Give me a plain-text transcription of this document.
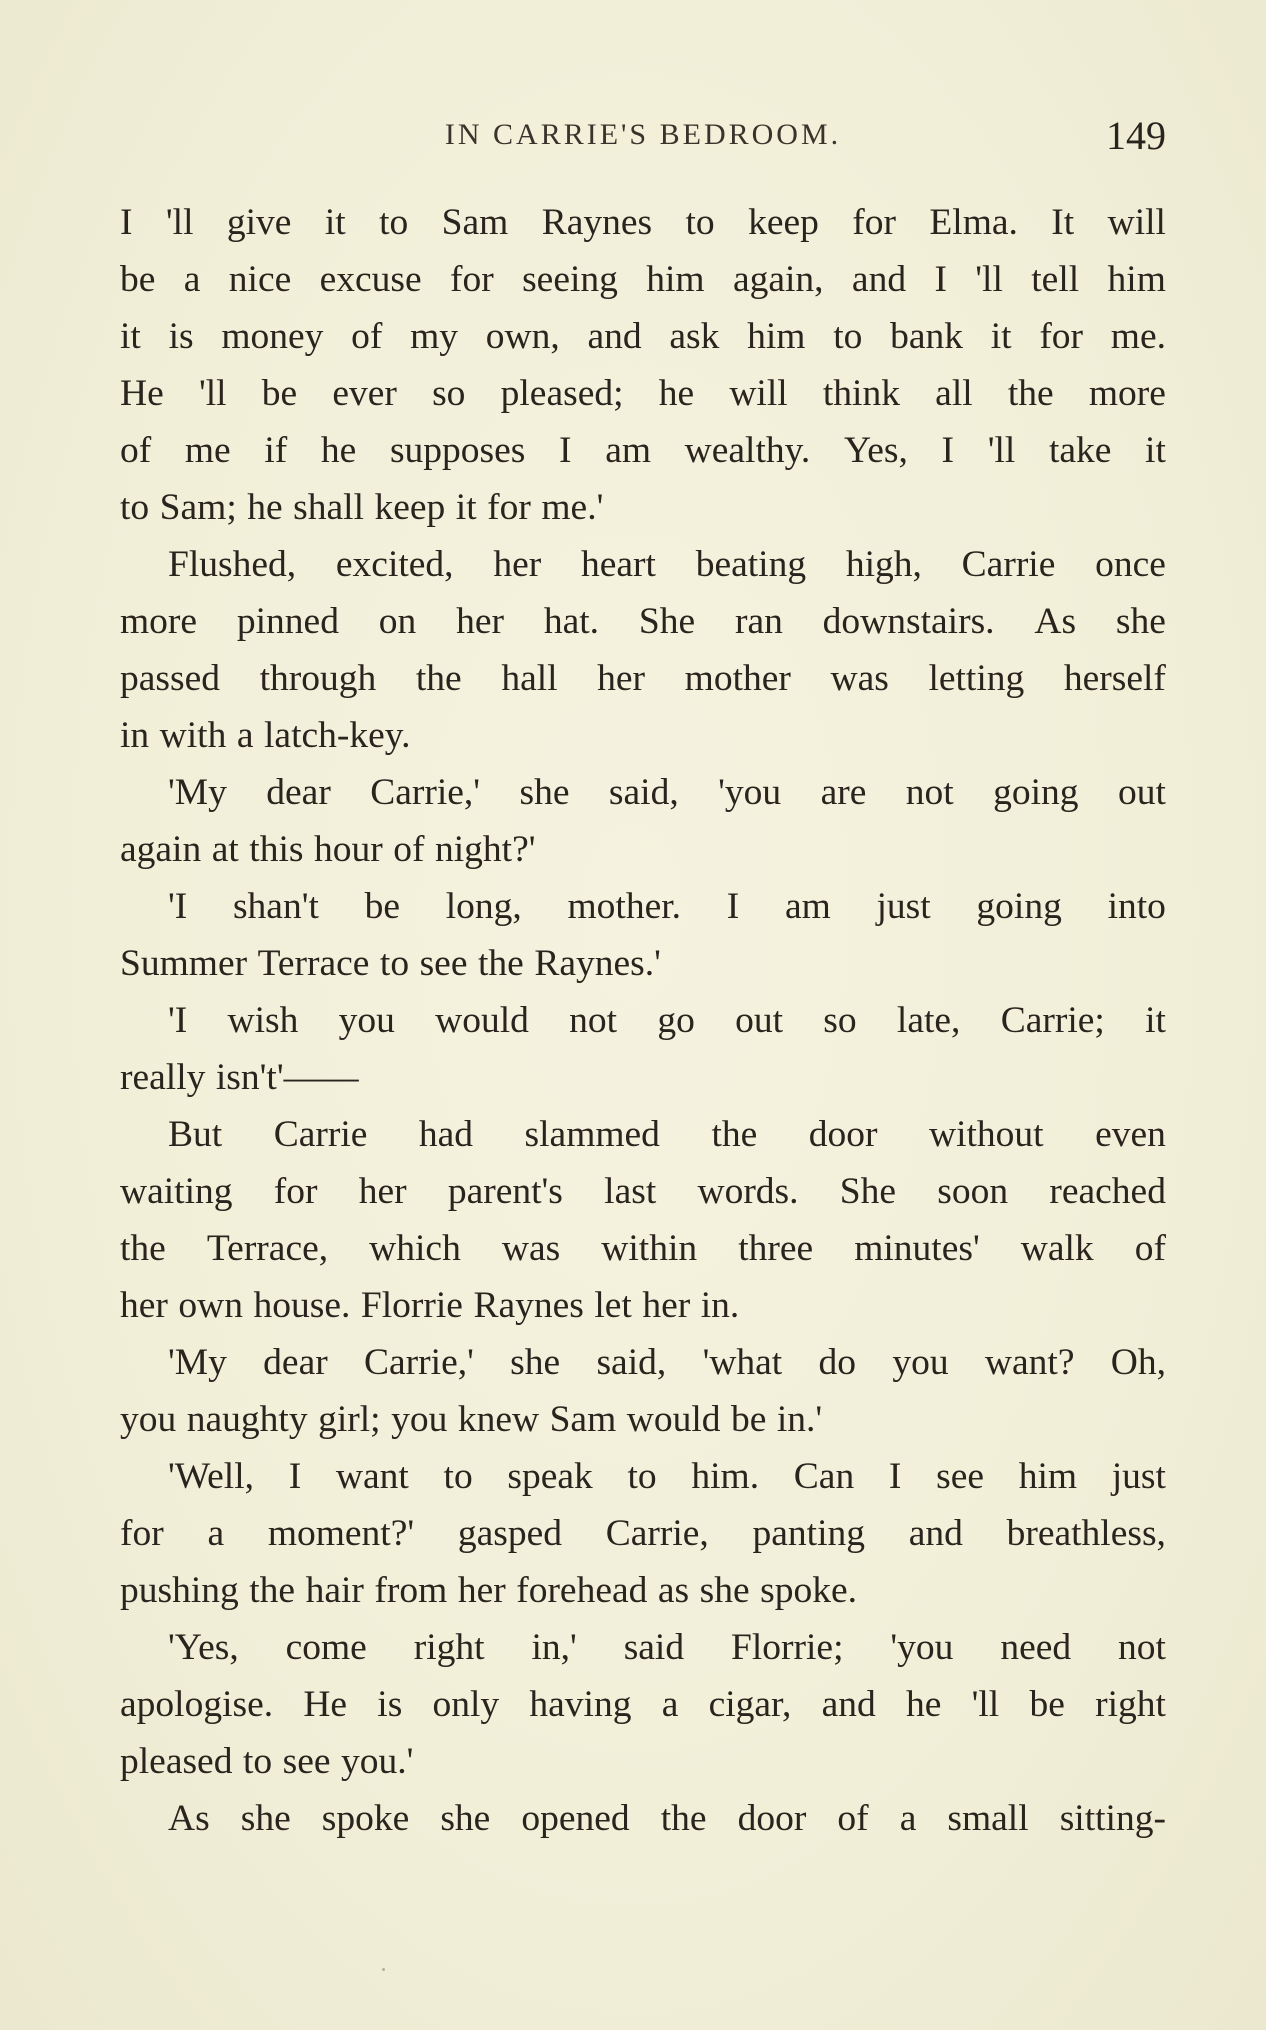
IN CARRIE'S BEDROOM.	149
I 'll give it to Sam Raynes to keep for Elma. It will
be a nice excuse for seeing him again, and I 'll tell him
it is money of my own, and ask him to bank it for me.
He 'll be ever so pleased; he will think all the more
of me if he supposes I am wealthy. Yes, I 'll take it
to Sam; he shall keep it for me.'
Flushed, excited, her heart beating high, Carrie once
more pinned on her hat. She ran downstairs. As she
passed through the hall her mother was letting herself
in with a latch-key.
'My dear Carrie,' she said, 'you are not going out
again at this hour of night?'
'I shan't be long, mother. I am just going into
Summer Terrace to see the Raynes.'
'I wish you would not go out so late, Carrie; it
really isn't'——
But Carrie had slammed the door without even
waiting for her parent's last words. She soon reached
the Terrace, which was within three minutes' walk of
her own house. Florrie Raynes let her in.
'My dear Carrie,' she said, 'what do you want? Oh,
you naughty girl; you knew Sam would be in.'
'Well, I want to speak to him. Can I see him just
for a moment?' gasped Carrie, panting and breathless,
pushing the hair from her forehead as she spoke.
'Yes, come right in,' said Florrie; 'you need not
apologise. He is only having a cigar, and he 'll be right
pleased to see you.'
As she spoke she opened the door of a small sitting-
